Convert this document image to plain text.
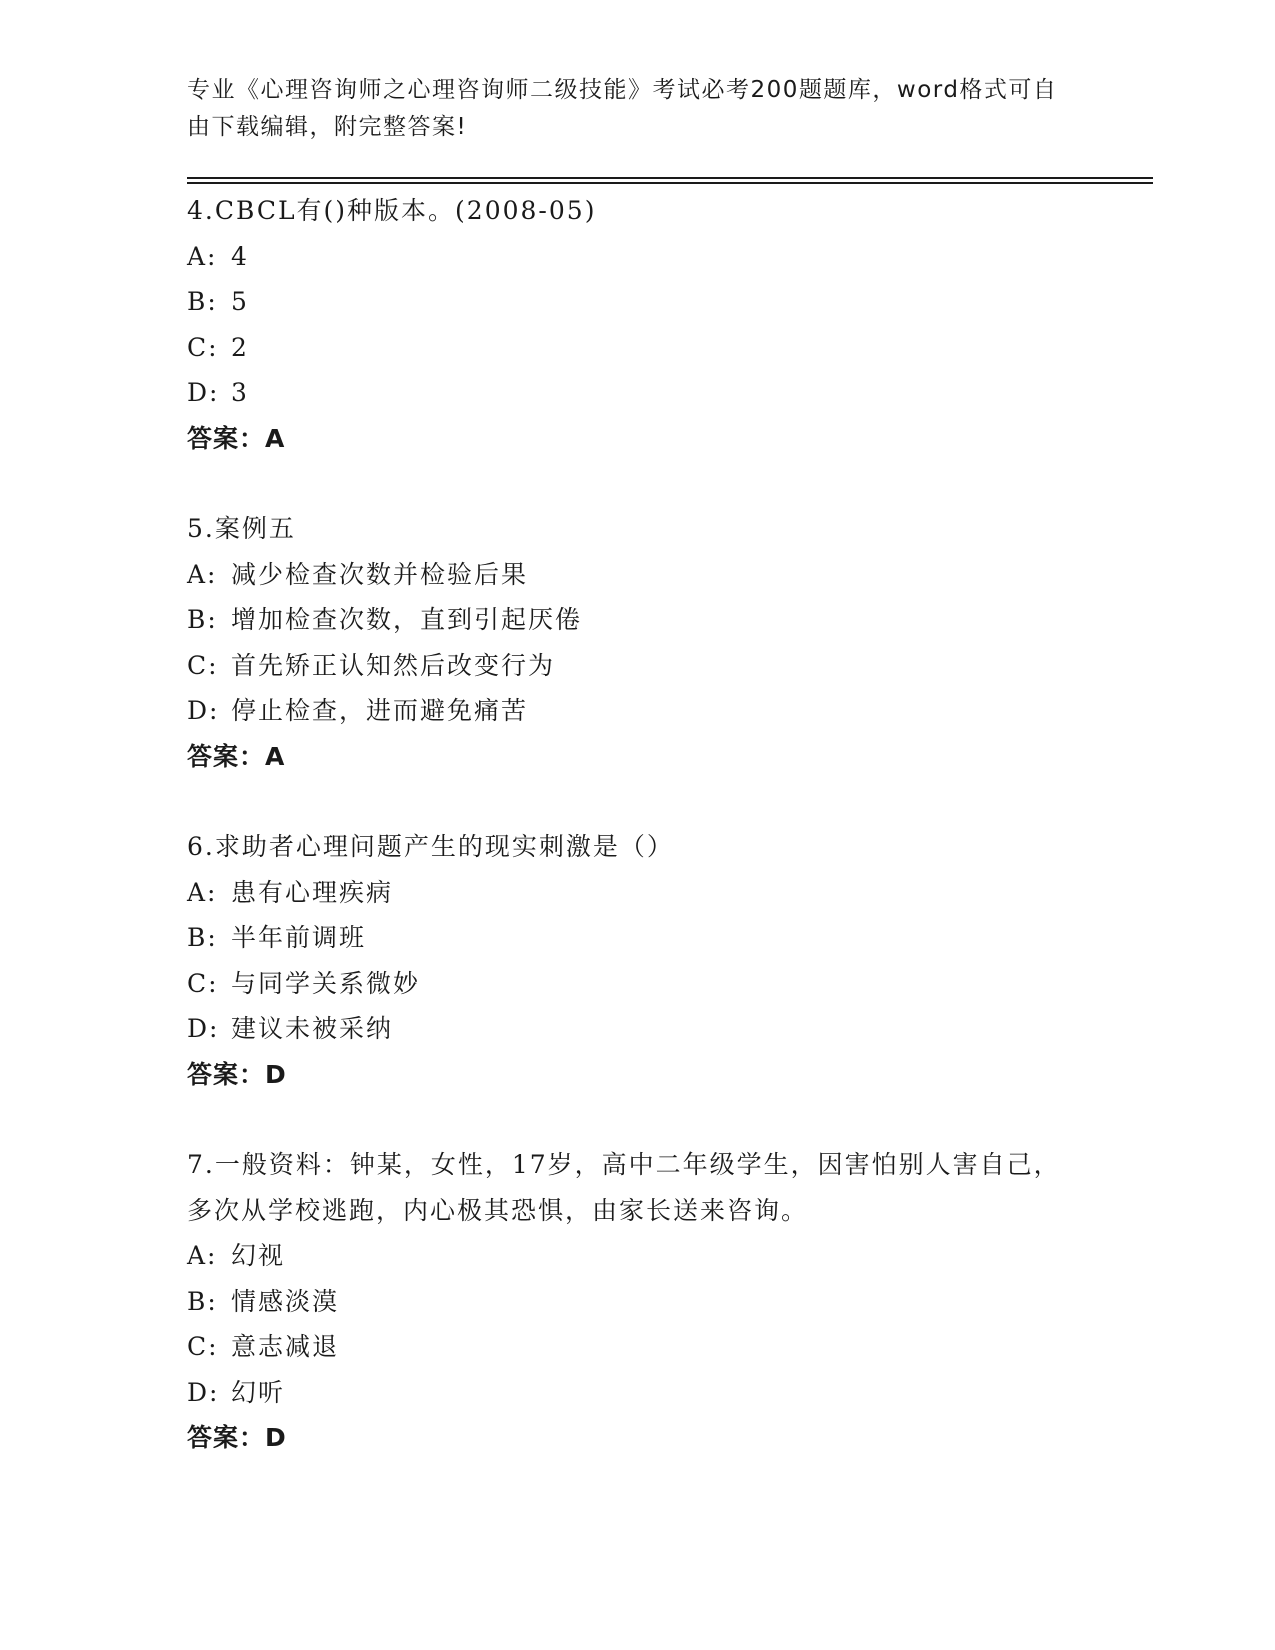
专业《心理咨询师之心理咨询师二级技能》考试必考200题题库，word格式可自由下载编辑，附完整答案!

4.CBCL有()种版本。(2008-05)
A: 4
B: 5
C: 2
D: 3
答案：A
5.案例五
A: 减少检查次数并检验后果
B: 增加检查次数，直到引起厌倦
C: 首先矫正认知然后改变行为
D: 停止检查，进而避免痛苦
答案：A
6.求助者心理问题产生的现实刺激是（）
A: 患有心理疾病
B: 半年前调班
C: 与同学关系微妙
D: 建议未被采纳
答案：D
7.一般资料：钟某，女性，17岁，高中二年级学生，因害怕别人害自己，多次从学校逃跑，内心极其恐惧，由家长送来咨询。
A: 幻视
B: 情感淡漠
C: 意志减退
D: 幻听
答案：D
